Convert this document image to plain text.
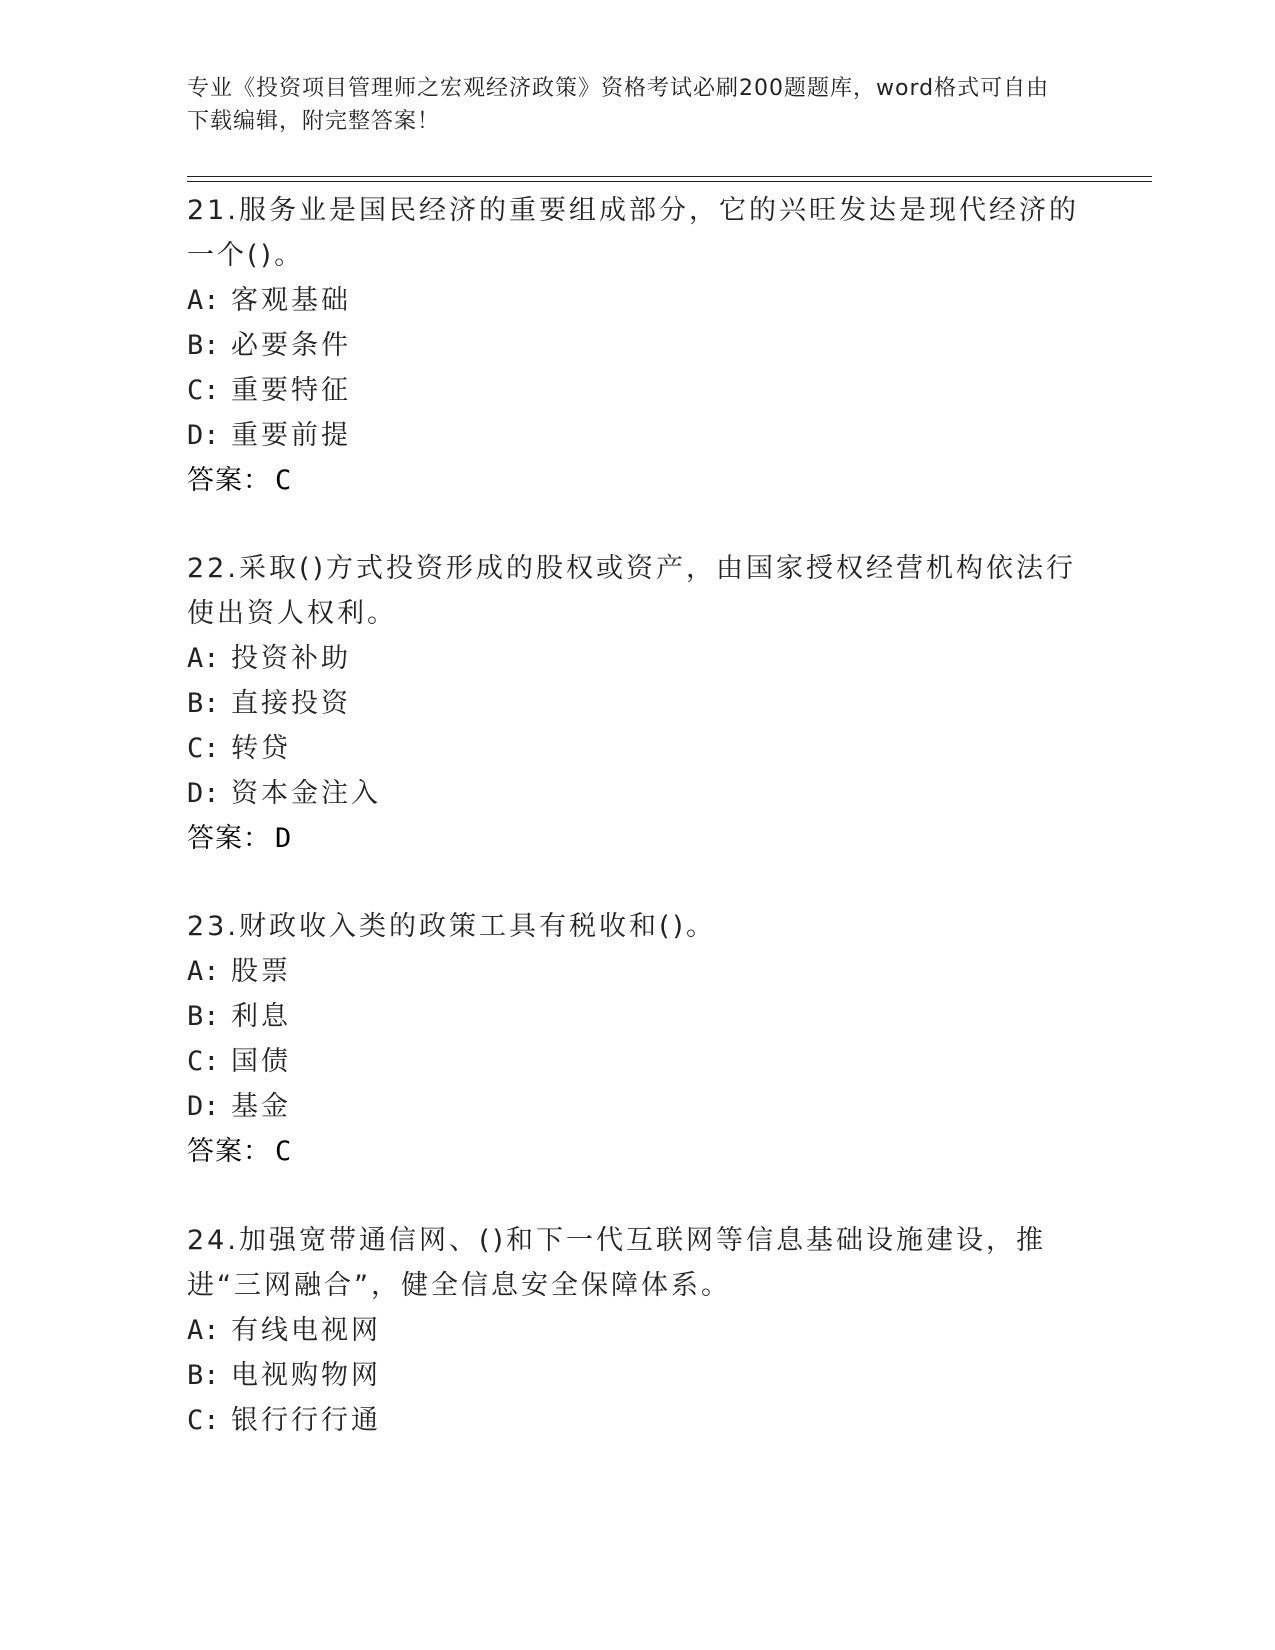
专业《投资项目管理师之宏观经济政策》资格考试必刷200题题库，word格式可自由下载编辑，附完整答案！

21.服务业是国民经济的重要组成部分，它的兴旺发达是现代经济的一个()。

A: 客观基础
B: 必要条件
C: 重要特征
D: 重要前提
答案： C

22.采取()方式投资形成的股权或资产，由国家授权经营机构依法行使出资人权利。

A: 投资补助
B: 直接投资
C: 转贷
D: 资本金注入
答案： D

23.财政收入类的政策工具有税收和()。

A: 股票
B: 利息
C: 国债
D: 基金
答案： C

24.加强宽带通信网、()和下一代互联网等信息基础设施建设，推进“三网融合”，健全信息安全保障体系。

A: 有线电视网
B: 电视购物网
C: 银行行行通
